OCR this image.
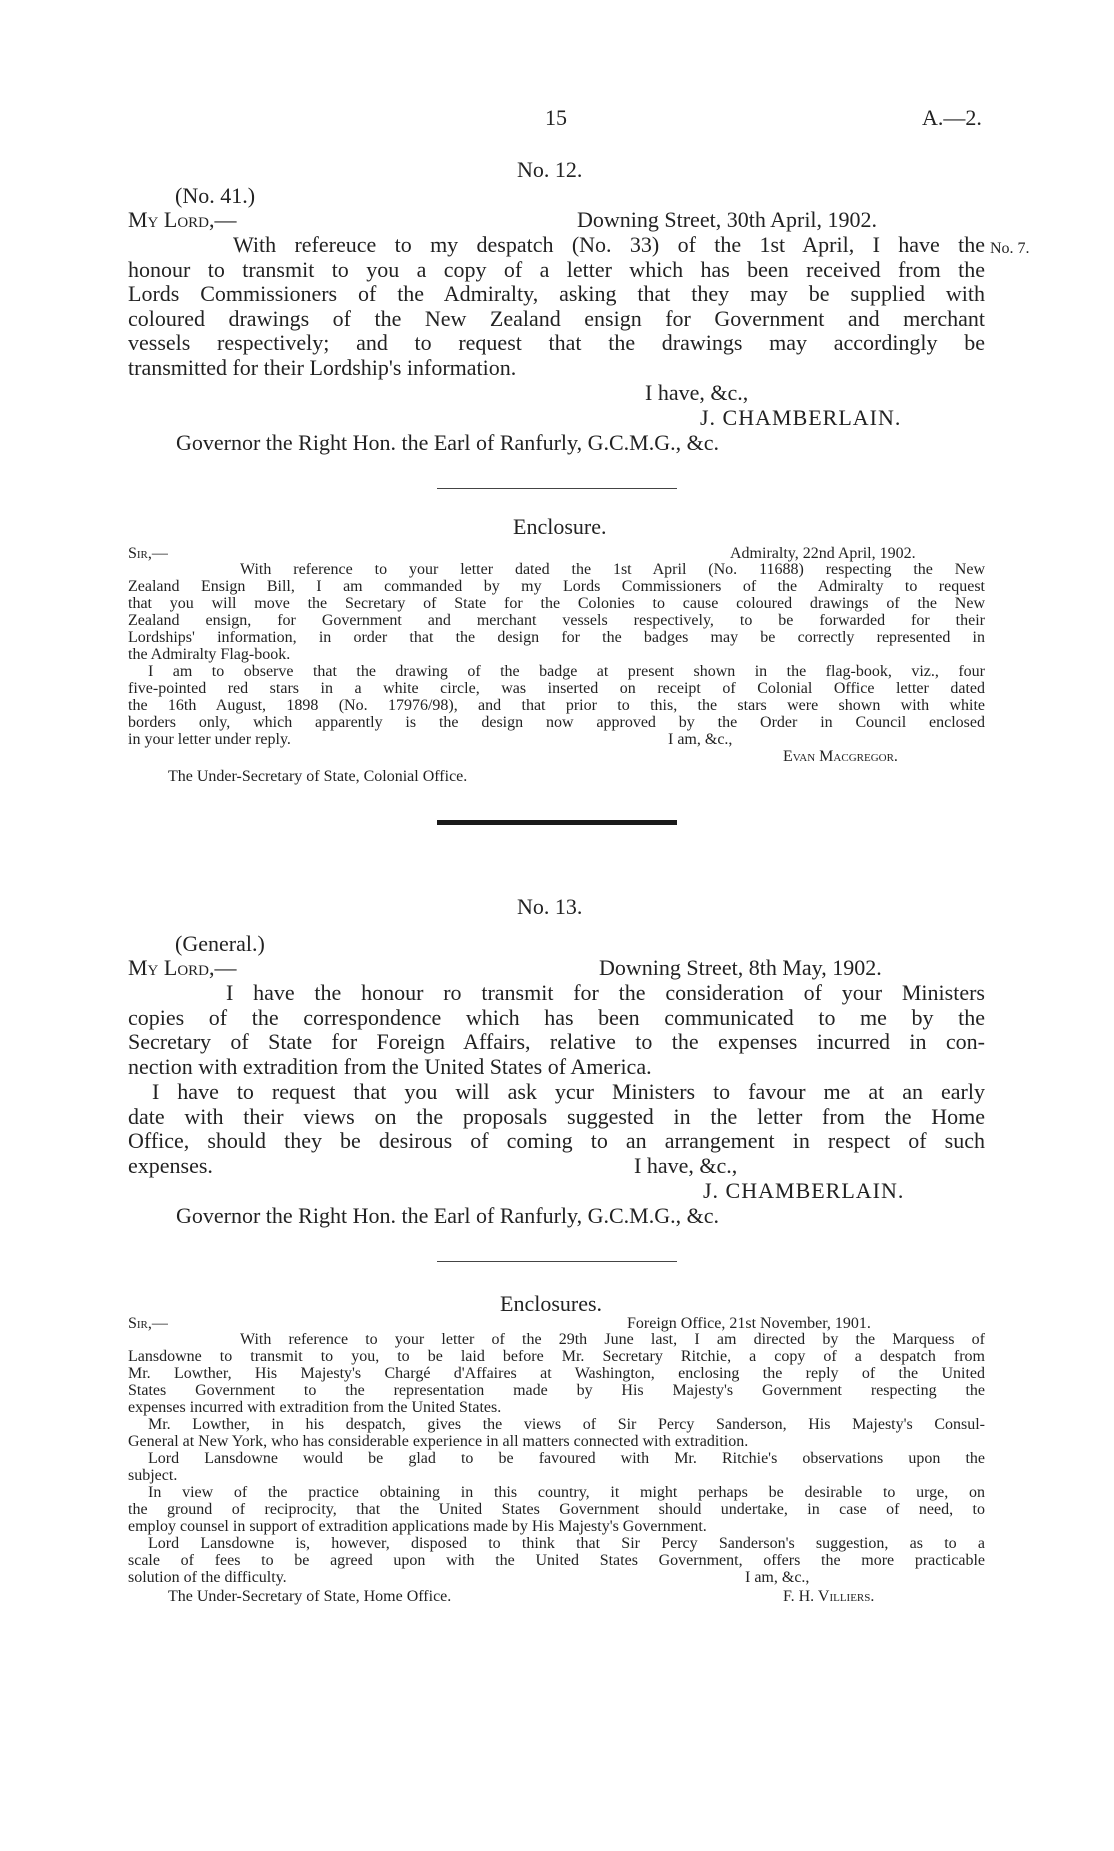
15	A.—2.
No. 12.
(No. 41.)
My Lord,—	Downing Street, 30th April, 1902.
No. 7.
With refereuce to my despatch (No. 33) of the 1st April, I have the
honour to transmit to you a copy of a letter which has been received from the
Lords Commissioners of the Admiralty, asking that they may be supplied with
coloured drawings of the New Zealand ensign for Government and merchant
vessels respectively; and to request that the drawings may accordingly be
transmitted for their Lordship's information.
I have, &c.,
J. CHAMBERLAIN.
Governor the Right Hon. the Earl of Ranfurly, G.C.M.G., &c.
Enclosure.
Sir,—	Admiralty, 22nd April, 1902.
With reference to your letter dated the 1st April (No. 11688) respecting the New
Zealand Ensign Bill, I am commanded by my Lords Commissioners of the Admiralty to request
that you will move the Secretary of State for the Colonies to cause coloured drawings of the New
Zealand ensign, for Government and merchant vessels respectively, to be forwarded for their
Lordships' information, in order that the design for the badges may be correctly represented in
the Admiralty Flag-book.
I am to observe that the drawing of the badge at present shown in the flag-book, viz., four
five-pointed red stars in a white circle, was inserted on receipt of Colonial Office letter dated
the 16th August, 1898 (No. 17976/98), and that prior to this, the stars were shown with white
borders only, which apparently is the design now approved by the Order in Council enclosed
in your letter under reply.	I am, &c.,
Evan Macgregor.
The Under-Secretary of State, Colonial Office.
No. 13.
(General.)
My Lord,—	Downing Street, 8th May, 1902.
I have the honour ro transmit for the consideration of your Ministers
copies of the correspondence which has been communicated to me by the
Secretary of State for Foreign Affairs, relative to the expenses incurred in con-
nection with extradition from the United States of America.
I have to request that you will ask ycur Ministers to favour me at an early
date with their views on the proposals suggested in the letter from the Home
Office, should they be desirous of coming to an arrangement in respect of such
expenses.	I have, &c.,
J. CHAMBERLAIN.
Governor the Right Hon. the Earl of Ranfurly, G.C.M.G., &c.
Enclosures.
Sir,—	Foreign Office, 21st November, 1901.
With reference to your letter of the 29th June last, I am directed by the Marquess of
Lansdowne to transmit to you, to be laid before Mr. Secretary Ritchie, a copy of a despatch from
Mr. Lowther, His Majesty's Chargé d'Affaires at Washington, enclosing the reply of the United
States Government to the representation made by His Majesty's Government respecting the
expenses incurred with extradition from the United States.
Mr. Lowther, in his despatch, gives the views of Sir Percy Sanderson, His Majesty's Consul-
General at New York, who has considerable experience in all matters connected with extradition.
Lord Lansdowne would be glad to be favoured with Mr. Ritchie's observations upon the
subject.
In view of the practice obtaining in this country, it might perhaps be desirable to urge, on
the ground of reciprocity, that the United States Government should undertake, in case of need, to
employ counsel in support of extradition applications made by His Majesty's Government.
Lord Lansdowne is, however, disposed to think that Sir Percy Sanderson's suggestion, as to a
scale of fees to be agreed upon with the United States Government, offers the more practicable
solution of the difficulty.	I am, &c.,
The Under-Secretary of State, Home Office.	F. H. Villiers.
